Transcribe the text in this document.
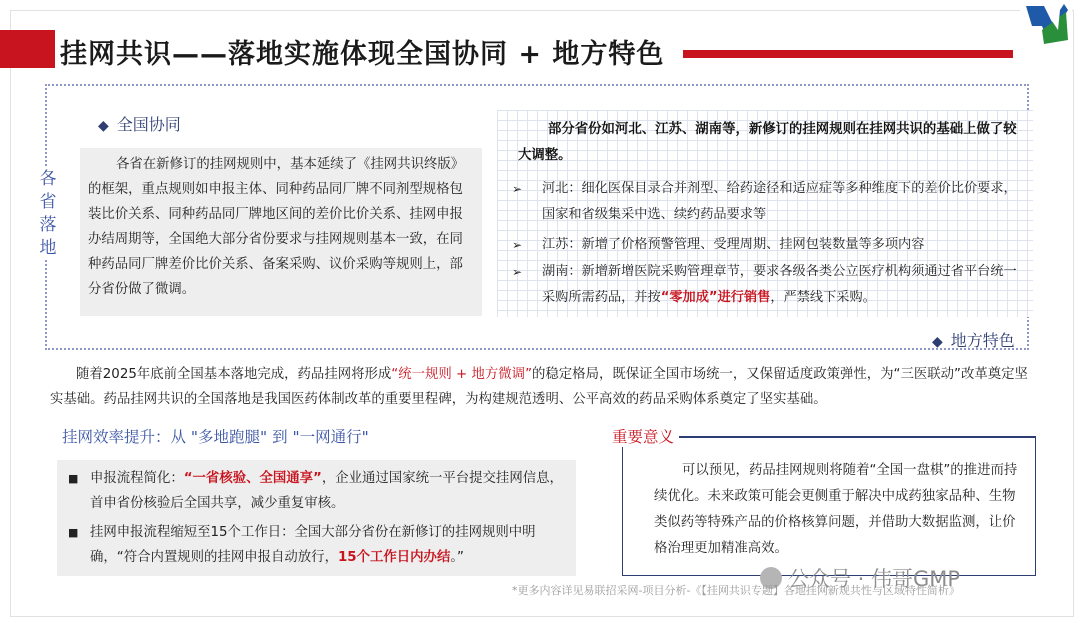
挂网共识——落地实施体现全国协同 + 地方特色
各省落地
◆ 全国协同
各省在新修订的挂网规则中，基本延续了《挂网共识终版》的框架，重点规则如申报主体、同种药品同厂牌不同剂型规格包装比价关系、同种药品同厂牌地区间的差价比价关系、挂网申报办结周期等，全国绝大部分省份要求与挂网规则基本一致，在同种药品同厂牌差价比价关系、备案采购、议价采购等规则上，部分省份做了微调。
部分省份如河北、江苏、湖南等，新修订的挂网规则在挂网共识的基础上做了较大调整。
➢ 河北：细化医保目录合并剂型、给药途径和适应症等多种维度下的差价比价要求，国家和省级集采中选、续约药品要求等
➢ 江苏：新增了价格预警管理、受理周期、挂网包装数量等多项内容
➢ 湖南：新增新增医院采购管理章节，要求各级各类公立医疗机构须通过省平台统一采购所需药品，并按“零加成”进行销售，严禁线下采购。
◆ 地方特色
随着2025年底前全国基本落地完成，药品挂网将形成“统一规则 + 地方微调”的稳定格局，既保证全国市场统一，又保留适度政策弹性，为“三医联动”改革奠定坚实基础。药品挂网共识的全国落地是我国医药体制改革的重要里程碑，为构建规范透明、公平高效的药品采购体系奠定了坚实基础。
挂网效率提升：从 "多地跑腿" 到 "一网通行"
■ 申报流程简化：“一省核验、全国通享”，企业通过国家统一平台提交挂网信息，首申省份核验后全国共享，减少重复审核。
■ 挂网申报流程缩短至15个工作日：全国大部分省份在新修订的挂网规则中明确，“符合内置规则的挂网申报自动放行，15个工作日内办结。”
重要意义
可以预见，药品挂网规则将随着“全国一盘棋”的推进而持续优化。未来政策可能会更侧重于解决中成药独家品种、生物类似药等特殊产品的价格核算问题，并借助大数据监测，让价格治理更加精准高效。
公众号 · 伟哥GMP
*更多内容详见易联招采网-项目分析-《【挂网共识专题】各地挂网新规共性与区域特性简析》
